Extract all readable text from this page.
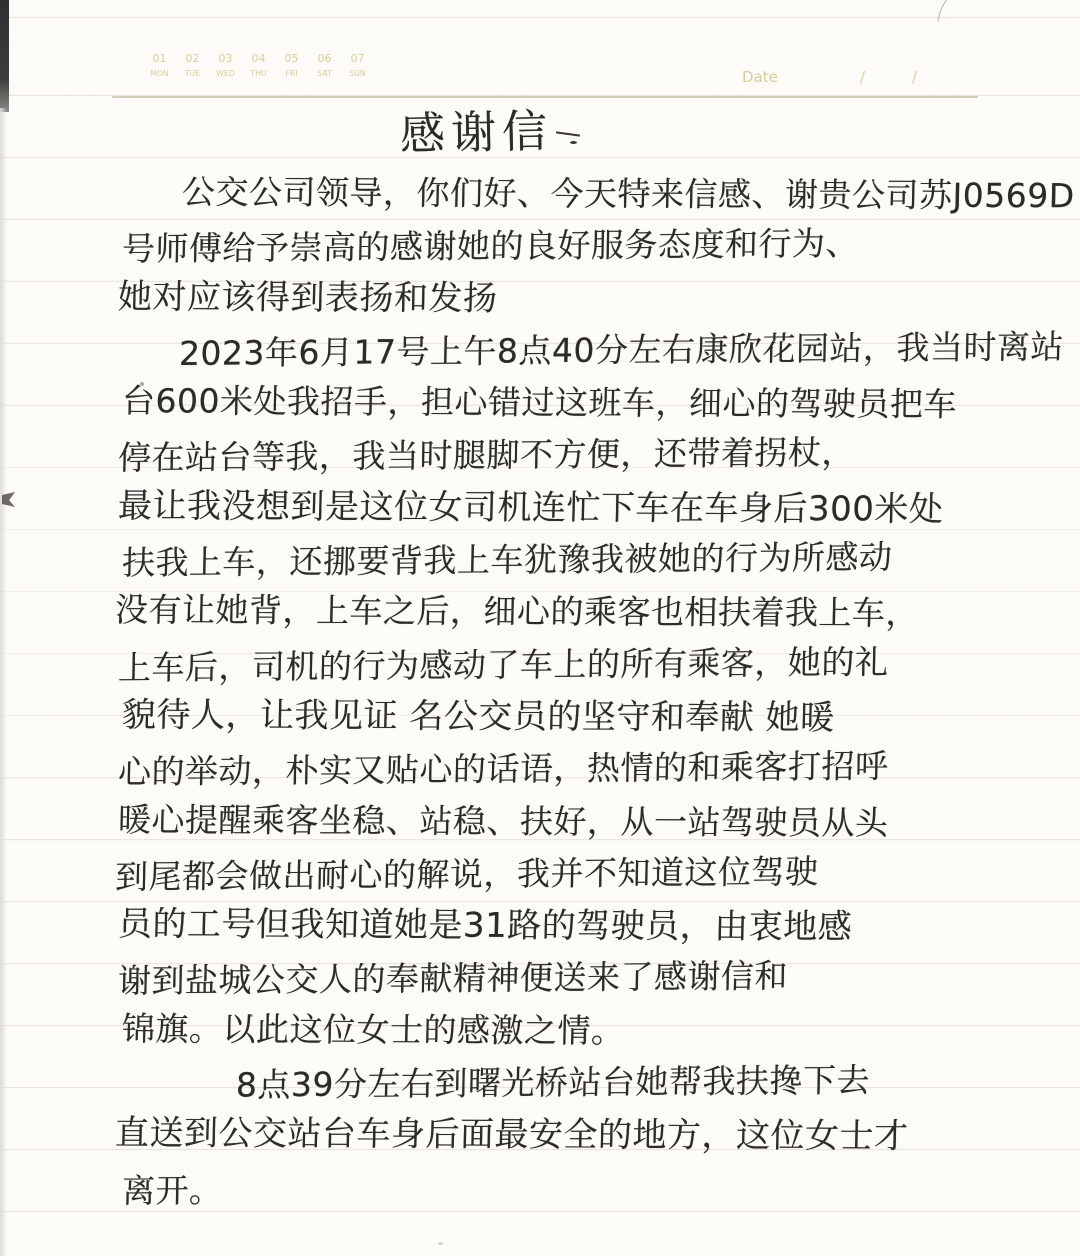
01
MON
02
TUE
03
WED
04
THU
05
FRI
06
SAT
07
SUN	Date	/	/
感谢信
公交公司领导，你们好、今天特来信感、谢贵公司苏J0569D
号师傅给予崇高的感谢她的良好服务态度和行为、
她对应该得到表扬和发扬
2023年6月17号上午8点40分左右康欣花园站，我当时离站
台600米处我招手，担心错过这班车，细心的驾驶员把车
停在站台等我，我当时腿脚不方便，还带着拐杖，
最让我没想到是这位女司机连忙下车在车身后300米处
扶我上车，还挪要背我上车犹豫我被她的行为所感动
没有让她背，上车之后，细心的乘客也相扶着我上车，
上车后，司机的行为感动了车上的所有乘客，她的礼
貌待人，让我见证 名公交员的坚守和奉献 她暖
心的举动，朴实又贴心的话语，热情的和乘客打招呼
暖心提醒乘客坐稳、站稳、扶好，从一站驾驶员从头
到尾都会做出耐心的解说，我并不知道这位驾驶
员的工号但我知道她是31路的驾驶员，由衷地感
谢到盐城公交人的奉献精神便送来了感谢信和
锦旗。以此这位女士的感激之情。
8点39分左右到曙光桥站台她帮我扶搀下去
直送到公交站台车身后面最安全的地方，这位女士才
离开。
